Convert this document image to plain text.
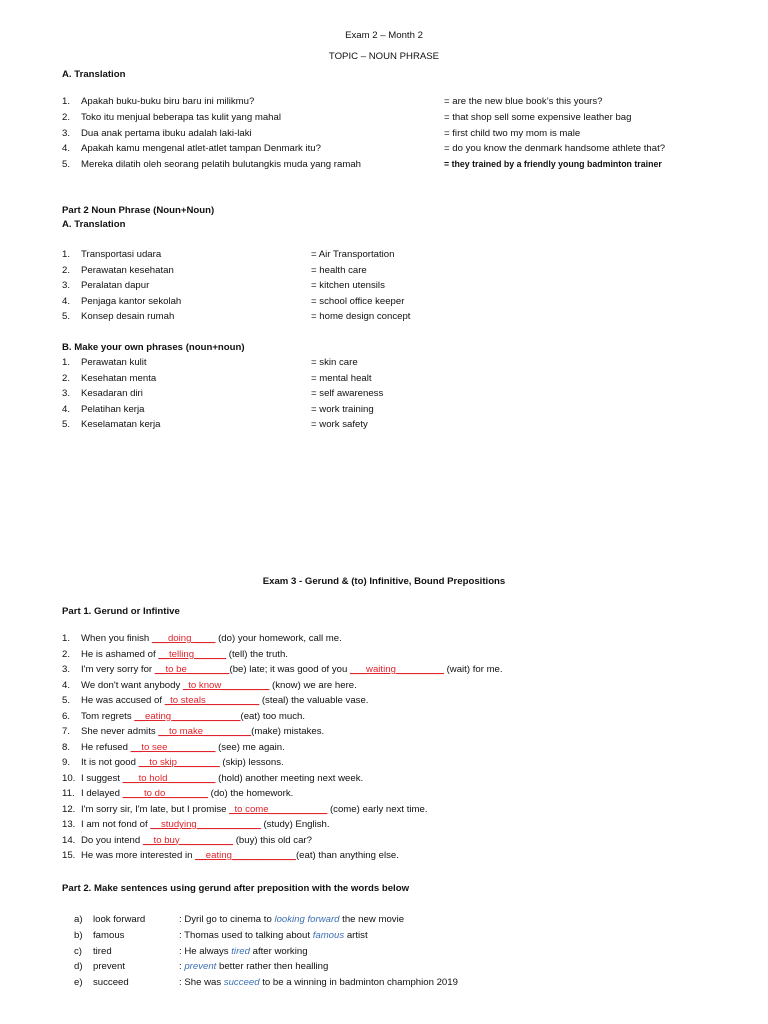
Exam 2 – Month 2
TOPIC – NOUN PHRASE
A. Translation
1.	Apakah buku-buku biru baru ini milikmu?	= are the new blue book’s this yours?
2.	Toko itu menjual beberapa tas kulit yang mahal	= that shop sell some expensive leather bag
3.	Dua anak pertama ibuku adalah laki-laki	= first child two my mom is male
4.	Apakah kamu mengenal atlet-atlet tampan Denmark itu?	= do you know the denmark handsome athlete that?
5.	Mereka dilatih oleh seorang pelatih bulutangkis muda yang ramah	= they trained by a friendly young badminton trainer
Part 2 Noun Phrase (Noun+Noun)
A. Translation
1.	Transportasi udara	= Air Transportation
2.	Perawatan kesehatan	= health care
3.	Peralatan dapur	= kitchen utensils
4.	Penjaga kantor sekolah	= school office keeper
5.	Konsep desain rumah	= home design concept
B. Make your own phrases (noun+noun)
1.	Perawatan kulit	= skin care
2.	Kesehatan menta	= mental healt
3.	Kesadaran diri	= self awareness
4.	Pelatihan kerja	= work training
5.	Keselamatan kerja	= work safety
Exam 3 - Gerund & (to) Infinitive, Bound Prepositions
Part 1. Gerund or Infintive
1.	When you finish ___doing ____ (do) your homework, call me.
2.	He is ashamed of __telling______ (tell) the truth.
3.	I'm very sorry for __to be________(be) late; it was good of you ___waiting_________ (wait) for me.
4.	We don't want anybody _to know_________ (know) we are here.
5.	He was accused of _to steals__________ (steal) the valuable vase.
6.	Tom regrets __eating_____________(eat) too much.
7.	She never admits __to make_________(make) mistakes.
8.	He refused __to see_________ (see) me again.
9.	It is not good __to skip________ (skip) lessons.
10. I suggest ___to hold_________ (hold) another meeting next week.
11. I delayed ____to do________ (do) the homework.
12. I'm sorry sir, I'm late, but I promise _to come___________ (come) early next time.
13. I am not fond of __studying____________ (study) English.
14. Do you intend __to buy__________ (buy) this old car?
15. He was more interested in __eating____________(eat) than anything else.
Part 2. Make sentences using gerund after preposition with the words below
a)	look forward	: Dyril go to cinema to looking forward the new movie
b)	famous	: Thomas used to talking about famous artist
c)	tired	: He always tired after working
d)	prevent	: prevent better rather then healling
e)	succeed	: She was succeed to be a winning in badminton champhion 2019
